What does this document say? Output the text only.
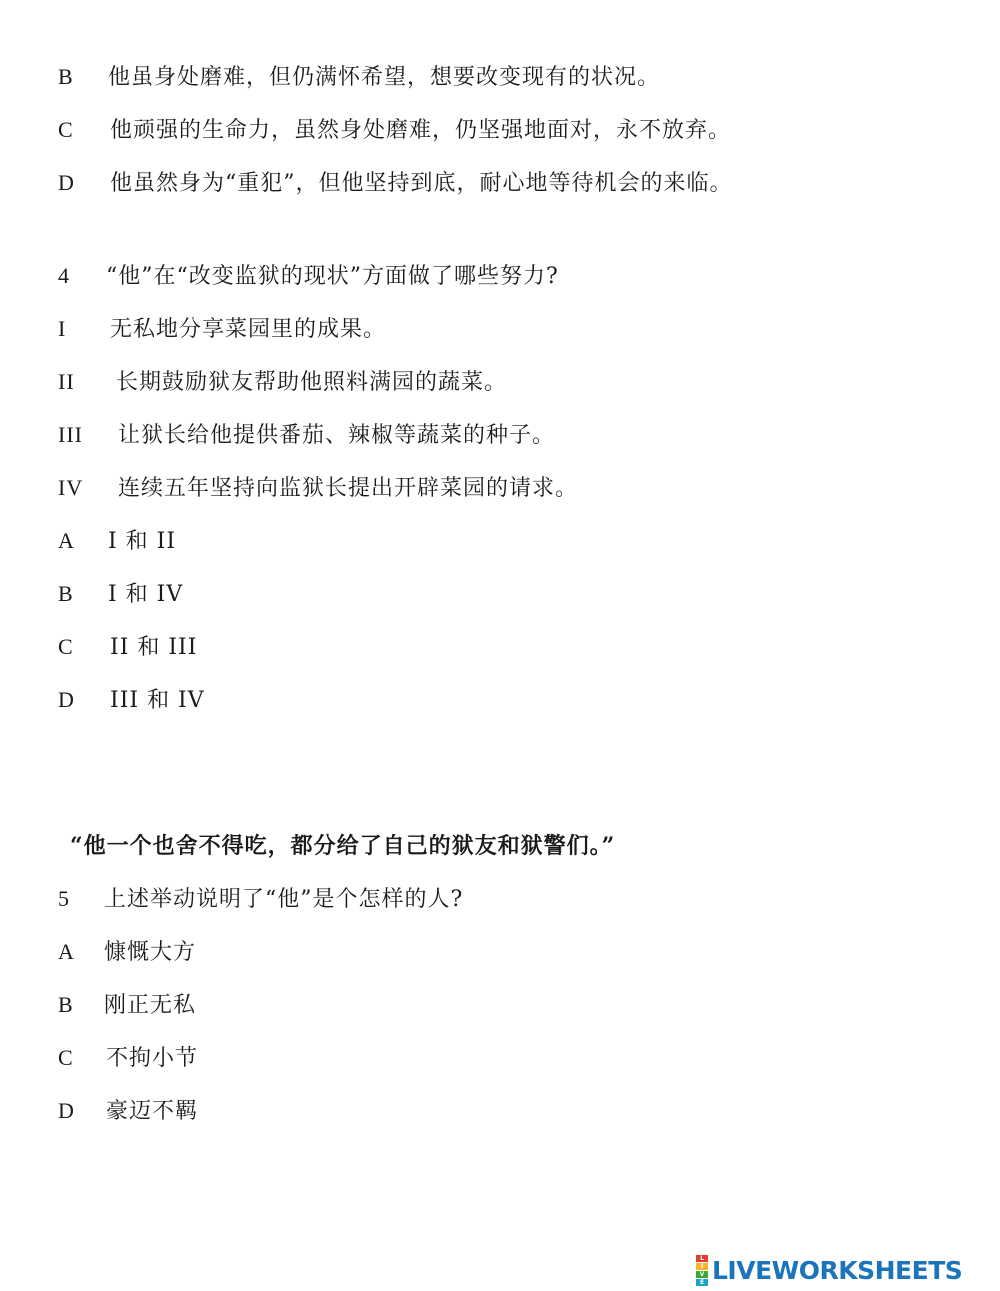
B 他虽身处磨难，但仍满怀希望，想要改变现有的状况。
C 他顽强的生命力，虽然身处磨难，仍坚强地面对，永不放弃。
D 他虽然身为“重犯”，但他坚持到底，耐心地等待机会的来临。
4 “他”在“改变监狱的现状”方面做了哪些努力?
I 无私地分享菜园里的成果。
II 长期鼓励狱友帮助他照料满园的蔬菜。
III 让狱长给他提供番茄、辣椒等蔬菜的种子。
IV 连续五年坚持向监狱长提出开辟菜园的请求。
A I 和 II
B I 和 IV
C II 和 III
D III 和 IV
“他一个也舍不得吃，都分给了自己的狱友和狱警们。”
5 上述举动说明了“他”是个怎样的人?
A 慷慨大方
B 刚正无私
C 不拘小节
D 豪迈不羁
L
I
V
E LIVEWORKSHEETS
